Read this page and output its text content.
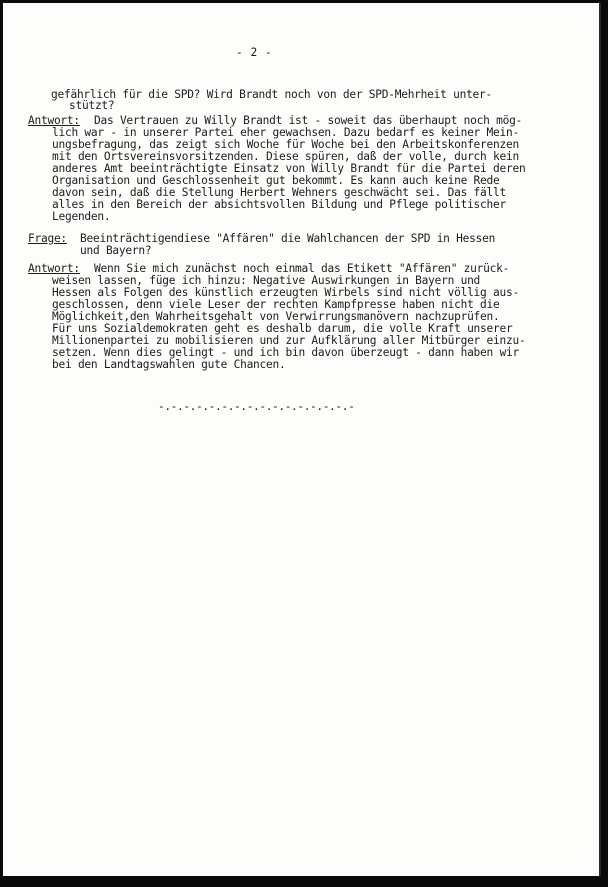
- 2 -
gefährlich für die SPD? Wird Brandt noch von der SPD-Mehrheit unter-
stützt?
Antwort: Das Vertrauen zu Willy Brandt ist - soweit das überhaupt noch mög-
lich war - in unserer Partei eher gewachsen. Dazu bedarf es keiner Mein-
ungsbefragung, das zeigt sich Woche für Woche bei den Arbeitskonferenzen
mit den Ortsvereinsvorsitzenden. Diese spüren, daß der volle, durch kein
anderes Amt beeinträchtigte Einsatz von Willy Brandt für die Partei deren
Organisation und Geschlossenheit gut bekommt. Es kann auch keine Rede
davon sein, daß die Stellung Herbert Wehners geschwächt sei. Das fällt
alles in den Bereich der absichtsvollen Bildung und Pflege politischer
Legenden.
Frage: Beeinträchtigendiese "Affären" die Wahlchancen der SPD in Hessen
und Bayern?
Antwort: Wenn Sie mich zunächst noch einmal das Etikett "Affären" zurück-
weisen lassen, füge ich hinzu: Negative Auswirkungen in Bayern und
Hessen als Folgen des künstlich erzeugten Wirbels sind nicht völlig aus-
geschlossen, denn viele Leser der rechten Kampfpresse haben nicht die
Möglichkeit,den Wahrheitsgehalt von Verwirrungsmanövern nachzuprüfen.
Für uns Sozialdemokraten geht es deshalb darum, die volle Kraft unserer
Millionenpartei zu mobilisieren und zur Aufklärung aller Mitbürger einzu-
setzen. Wenn dies gelingt - und ich bin davon überzeugt - dann haben wir
bei den Landtagswahlen gute Chancen.
-.-.-.-.-.-.-.-.-.-.-.-.-.-.-.-
